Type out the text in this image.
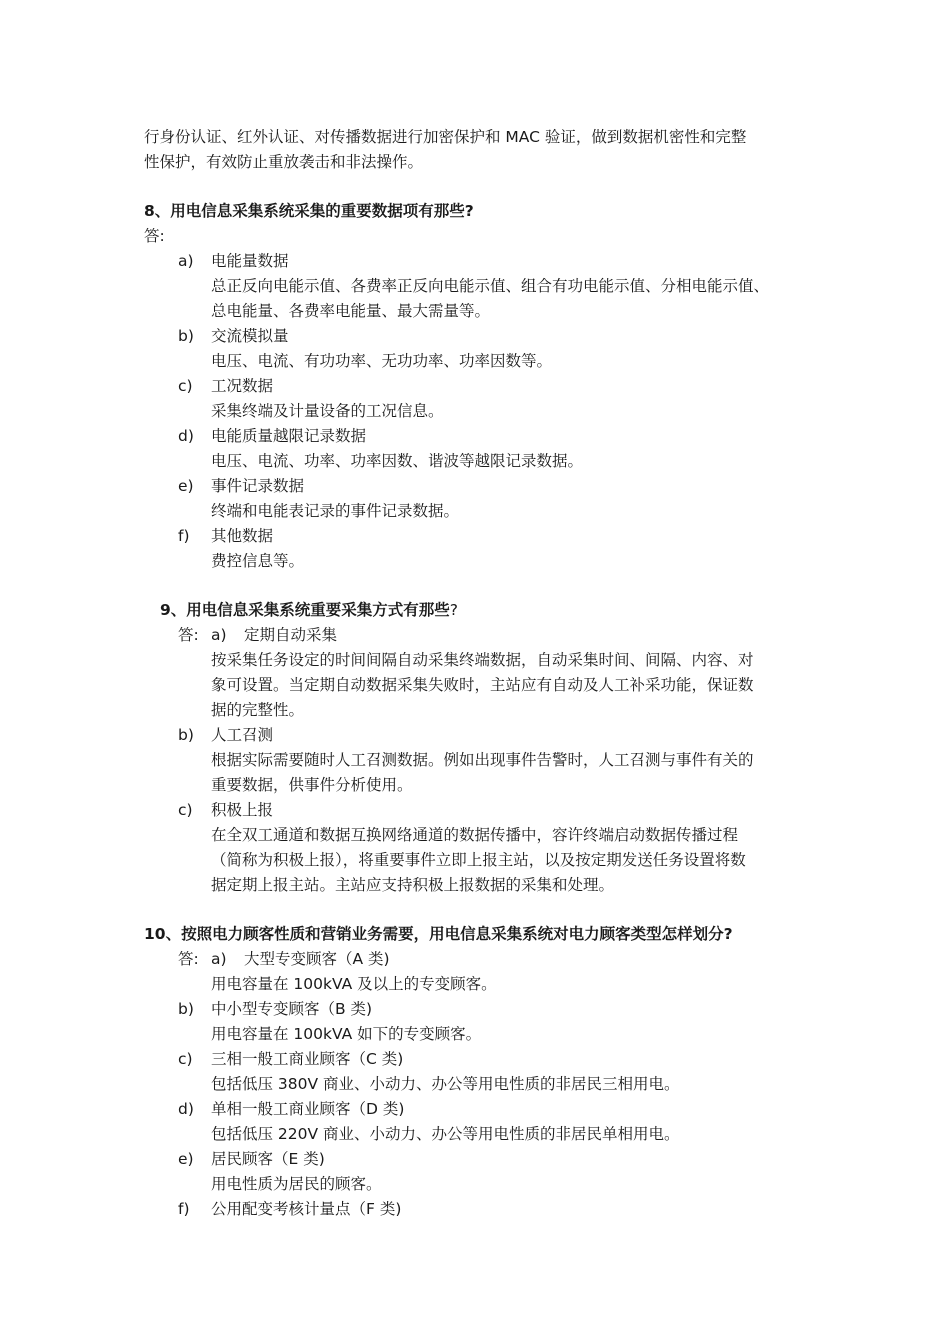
行身份认证、红外认证、对传播数据进行加密保护和 MAC 验证，做到数据机密性和完整
性保护，有效防止重放袭击和非法操作。
8、用电信息采集系统采集的重要数据项有那些?
答:
a) 电能量数据
总正反向电能示值、各费率正反向电能示值、组合有功电能示值、分相电能示值、
总电能量、各费率电能量、最大需量等。
b) 交流模拟量
电压、电流、有功功率、无功功率、功率因数等。
c) 工况数据
采集终端及计量设备的工况信息。
d) 电能质量越限记录数据
电压、电流、功率、功率因数、谐波等越限记录数据。
e) 事件记录数据
终端和电能表记录的事件记录数据。
f) 其他数据
费控信息等。
9、用电信息采集系统重要采集方式有那些?
答: a) 定期自动采集
按采集任务设定的时间间隔自动采集终端数据，自动采集时间、间隔、内容、对
象可设置。当定期自动数据采集失败时，主站应有自动及人工补采功能，保证数
据的完整性。
b) 人工召测
根据实际需要随时人工召测数据。例如出现事件告警时，人工召测与事件有关的
重要数据，供事件分析使用。
c) 积极上报
在全双工通道和数据互换网络通道的数据传播中，容许终端启动数据传播过程
（简称为积极上报），将重要事件立即上报主站，以及按定期发送任务设置将数
据定期上报主站。主站应支持积极上报数据的采集和处理。
10、按照电力顾客性质和营销业务需要，用电信息采集系统对电力顾客类型怎样划分?
答: a) 大型专变顾客（A 类)
用电容量在 100kVA 及以上的专变顾客。
b) 中小型专变顾客（B 类)
用电容量在 100kVA 如下的专变顾客。
c) 三相一般工商业顾客（C 类)
包括低压 380V 商业、小动力、办公等用电性质的非居民三相用电。
d) 单相一般工商业顾客（D 类)
包括低压 220V 商业、小动力、办公等用电性质的非居民单相用电。
e) 居民顾客（E 类)
用电性质为居民的顾客。
f) 公用配变考核计量点（F 类)
